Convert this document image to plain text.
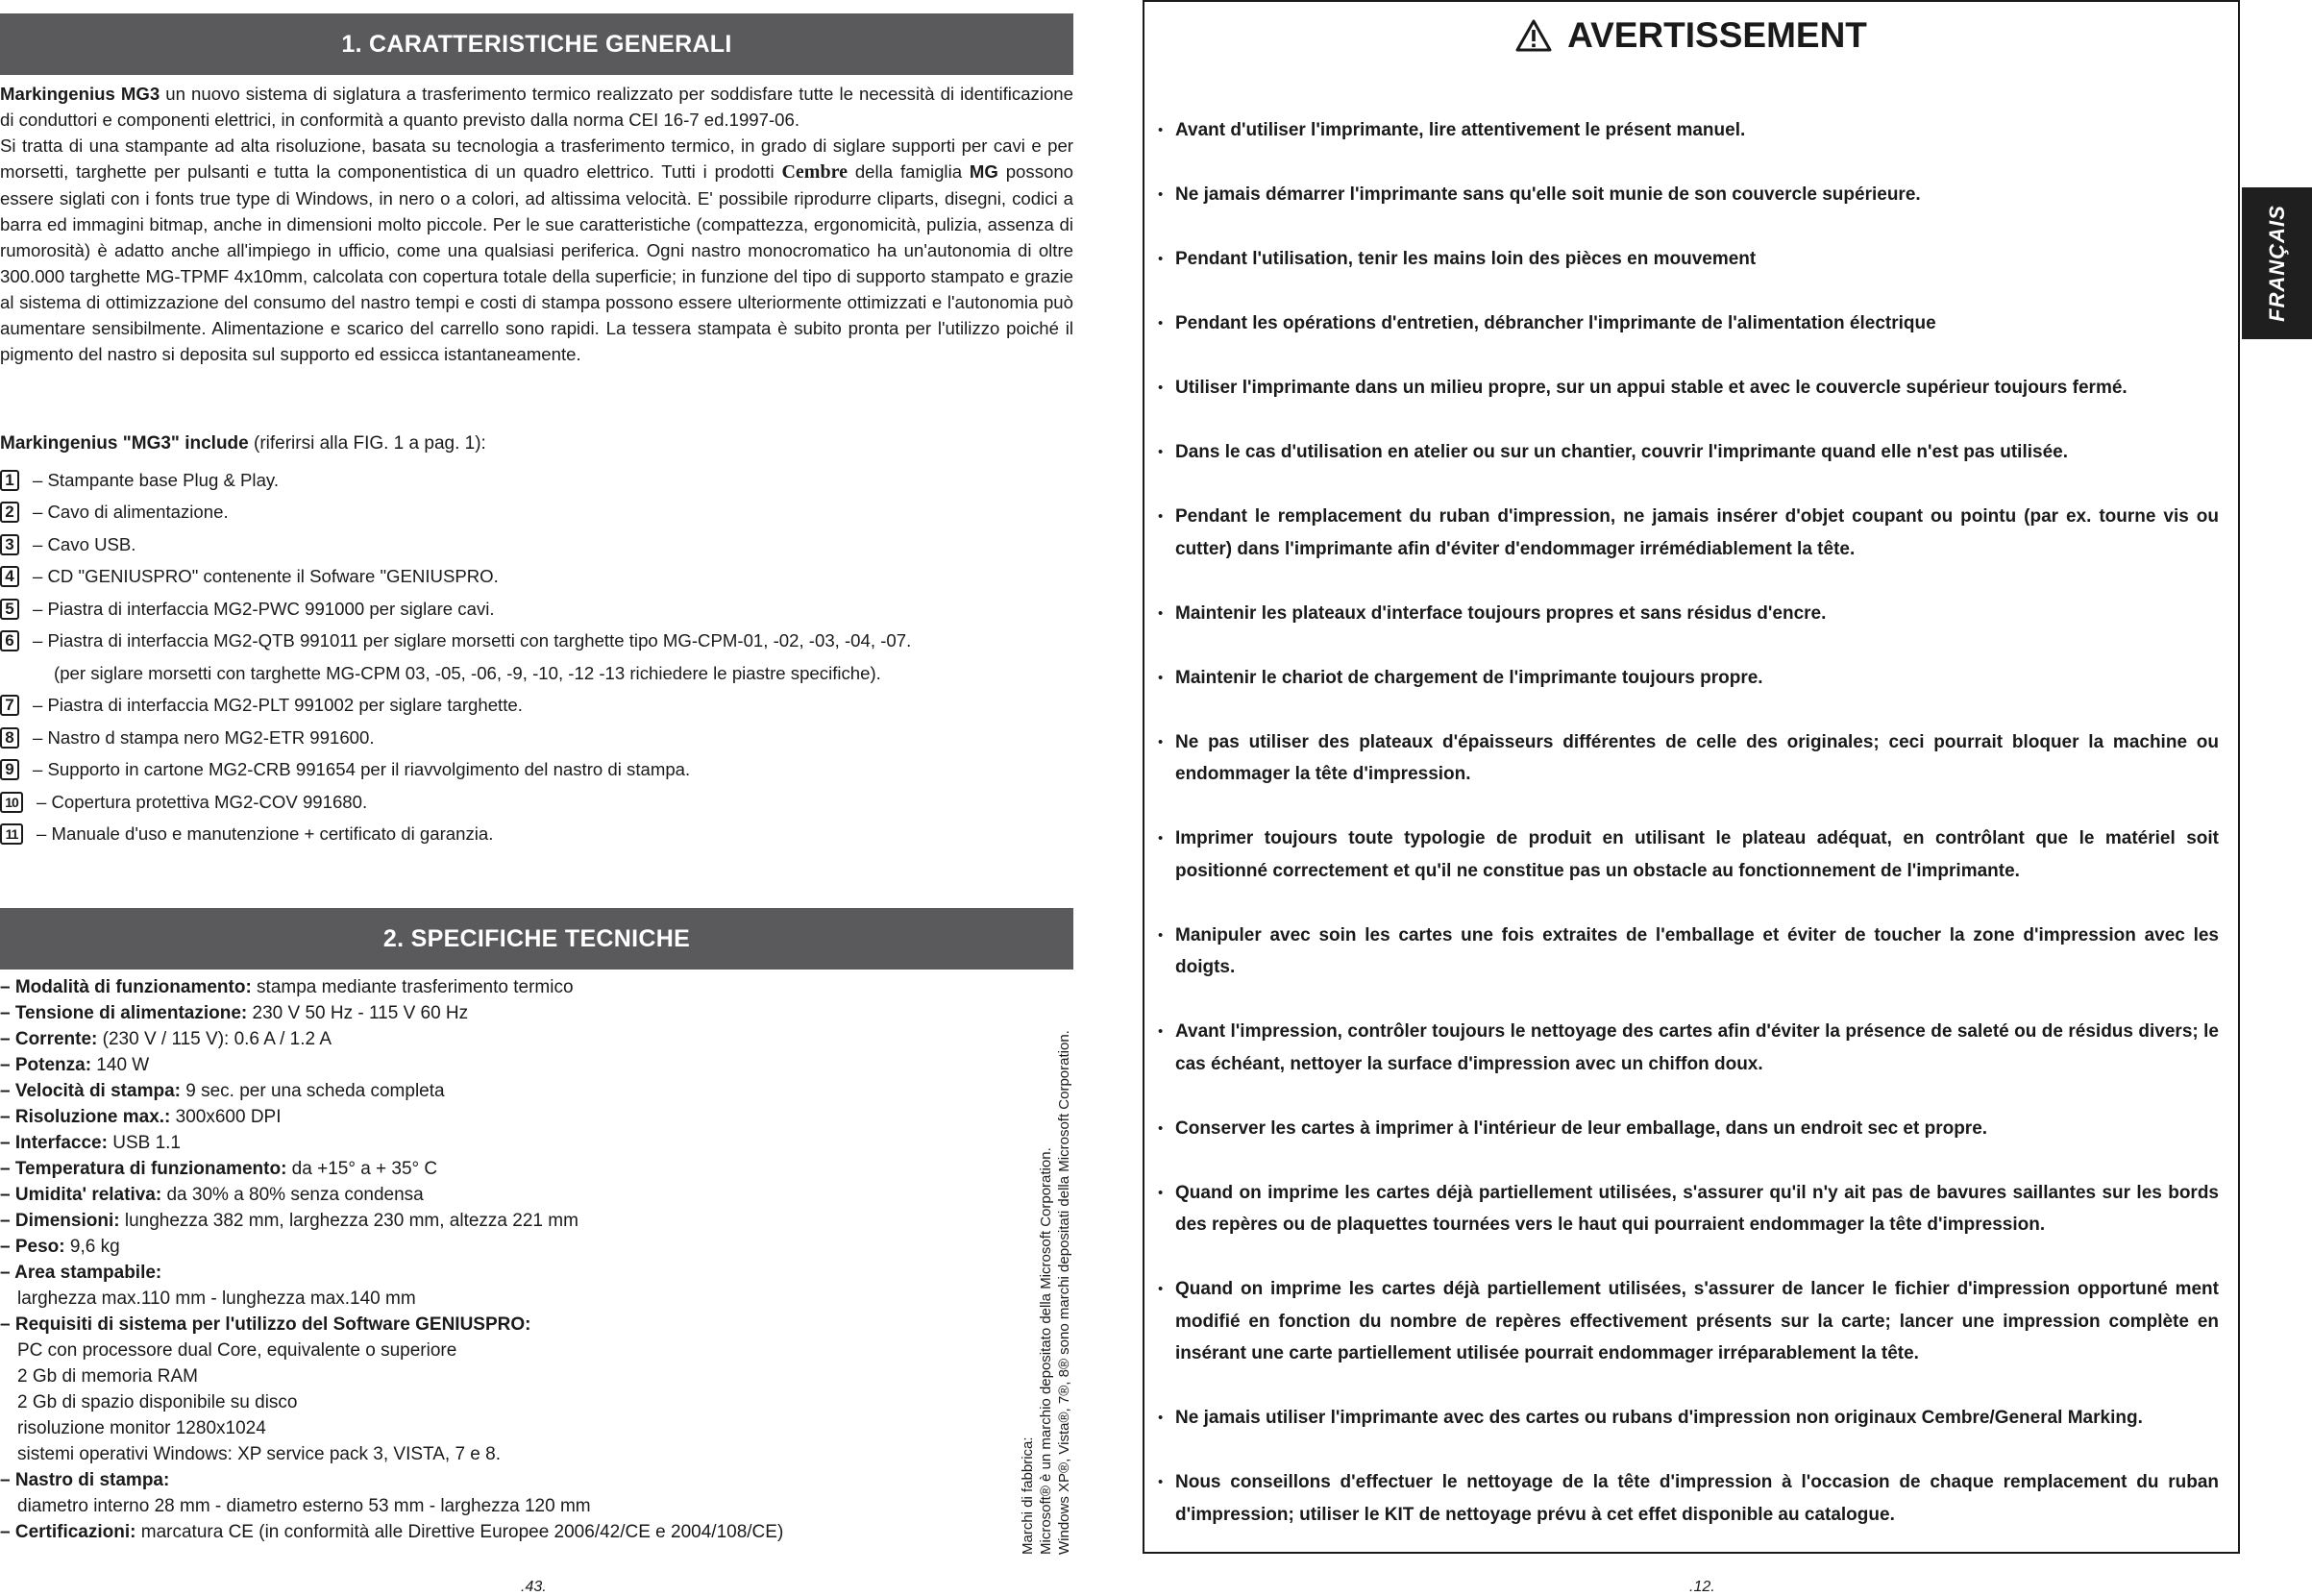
1. CARATTERISTICHE GENERALI

Markingenius MG3 un nuovo sistema di siglatura a trasferimento termico realizzato per soddisfare tutte le necessità di identificazione di conduttori e componenti elettrici, in conformità a quanto previsto dalla norma CEI 16-7 ed.1997-06.
Si tratta di una stampante ad alta risoluzione, basata su tecnologia a trasferimento termico, in grado di siglare supporti per cavi e per morsetti, targhette per pulsanti e tutta la componentistica di un quadro elettrico. Tutti i prodotti Cembre della famiglia MG possono essere siglati con i fonts true type di Windows, in nero o a colori, ad altissima velocità. E' possibile riprodurre cliparts, disegni, codici a barra ed immagini bitmap, anche in dimensioni molto piccole. Per le sue caratteristiche (compattezza, ergonomicità, pulizia, assenza di rumorosità) è adatto anche all'impiego in ufficio, come una qualsiasi periferica. Ogni nastro monocromatico ha un'autonomia di oltre 300.000 targhette MG-TPMF 4x10mm, calcolata con copertura totale della superficie; in funzione del tipo di supporto stampato e grazie al sistema di ottimizzazione del consumo del nastro tempi e costi di stampa possono essere ulteriormente ottimizzati e l'autonomia può aumentare sensibilmente. Alimentazione e scarico del carrello sono rapidi. La tessera stampata è subito pronta per l'utilizzo poiché il pigmento del nastro si deposita sul supporto ed essicca istantaneamente.

Markingenius "MG3" include (riferirsi alla FIG. 1 a pag. 1):

1 – Stampante base Plug & Play.
2 – Cavo di alimentazione.
3 – Cavo USB.
4 – CD "GENIUSPRO" contenente il Sofware "GENIUSPRO.
5 – Piastra di interfaccia MG2-PWC 991000 per siglare cavi.
6 – Piastra di interfaccia MG2-QTB 991011 per siglare morsetti con targhette tipo MG-CPM-01, -02, -03, -04, -07.
(per siglare morsetti con targhette MG-CPM 03, -05, -06, -9, -10, -12 -13 richiedere le piastre specifiche).
7 – Piastra di interfaccia MG2-PLT 991002 per siglare targhette.
8 – Nastro d stampa nero MG2-ETR 991600.
9 – Supporto in cartone MG2-CRB 991654 per il riavvolgimento del nastro di stampa.
10 – Copertura protettiva MG2-COV 991680.
11	– Manuale d'uso e manutenzione + certificato di garanzia.
2. SPECIFICHE TECNICHE
– Modalità di funzionamento: stampa mediante trasferimento termico
– Tensione di alimentazione: 230 V 50 Hz - 115 V 60 Hz
– Corrente: (230 V / 115 V): 0.6 A / 1.2 A
– Potenza: 140 W
– Velocità di stampa: 9 sec. per una scheda completa
– Risoluzione max.: 300x600 DPI
– Interfacce: USB 1.1
– Temperatura di funzionamento: da +15° a + 35° C
– Umidita' relativa: da 30% a 80% senza condensa
– Dimensioni: lunghezza 382 mm, larghezza 230 mm, altezza 221 mm
– Peso: 9,6 kg
– Area stampabile:
larghezza max.110 mm - lunghezza max.140 mm
– Requisiti di sistema per l'utilizzo del Software GENIUSPRO:
PC con processore dual Core, equivalente o superiore
2 Gb di memoria RAM
2 Gb di spazio disponibile su disco
risoluzione monitor 1280x1024
sistemi operativi Windows: XP service pack 3, VISTA, 7 e 8.
– Nastro di stampa:
diametro interno 28 mm - diametro esterno 53 mm - larghezza 120 mm
– Certificazioni: marcatura CE (in conformità alle Direttive Europee 2006/42/CE e 2004/108/CE)	Marchi di fabbrica: Microsoft® è un marchio depositato della Microsoft Corporation. Windows XP®, Vista®, 7®, 8® sono marchi depositati della Microsoft Corporation.
.43.
AVERTISSEMENT
• Avant d'utiliser l'imprimante, lire attentivement le présent manuel.
• Ne jamais démarrer l'imprimante sans qu'elle soit munie de son couvercle supérieure.
• Pendant l'utilisation, tenir les mains loin des pièces en mouvement
• Pendant les opérations d'entretien, débrancher l'imprimante de l'alimentation électrique
• Utiliser l'imprimante dans un milieu propre, sur un appui stable et avec le couvercle supérieur toujours fermé.
• Dans le cas d'utilisation en atelier ou sur un chantier, couvrir l'imprimante quand elle n'est pas utilisée.
• Pendant le remplacement du ruban d'impression, ne jamais insérer d'objet coupant ou pointu (par ex. tourne vis ou cutter) dans l'imprimante afin d'éviter d'endommager irrémédiablement la tête.
• Maintenir les plateaux d'interface toujours propres et sans résidus d'encre.
• Maintenir le chariot de chargement de l'imprimante toujours propre.
• Ne pas utiliser des plateaux d'épaisseurs différentes de celle des originales; ceci pourrait bloquer la machine ou endommager la tête d'impression.
• Imprimer toujours toute typologie de produit en utilisant le plateau adéquat, en contrôlant que le matériel soit positionné correctement et qu'il ne constitue pas un obstacle au fonctionnement de l'imprimante.
• Manipuler avec soin les cartes une fois extraites de l'emballage et éviter de toucher la zone d'impression avec les doigts.
• Avant l'impression, contrôler toujours le nettoyage des cartes afin d'éviter la présence de saleté ou de résidus divers; le cas échéant, nettoyer la surface d'impression avec un chiffon doux.
• Conserver les cartes à imprimer à l'intérieur de leur emballage, dans un endroit sec et propre.
• Quand on imprime les cartes déjà partiellement utilisées, s'assurer qu'il n'y ait pas de bavures saillantes sur les bords des repères ou de plaquettes tournées vers le haut qui pourraient endommager la tête d'impression.
• Quand on imprime les cartes déjà partiellement utilisées, s'assurer de lancer le fichier d'impression opportuné ment modifié en fonction du nombre de repères effectivement présents sur la carte; lancer une impression complète en insérant une carte partiellement utilisée pourrait endommager irréparablement la tête.
• Ne jamais utiliser l'imprimante avec des cartes ou rubans d'impression non originaux Cembre/General Marking.
• Nous conseillons d'effectuer le nettoyage de la tête d'impression à l'occasion de chaque remplacement du ruban d'impression; utiliser le KIT de nettoyage prévu à cet effet disponible au catalogue.
FRANÇAIS
.12.
